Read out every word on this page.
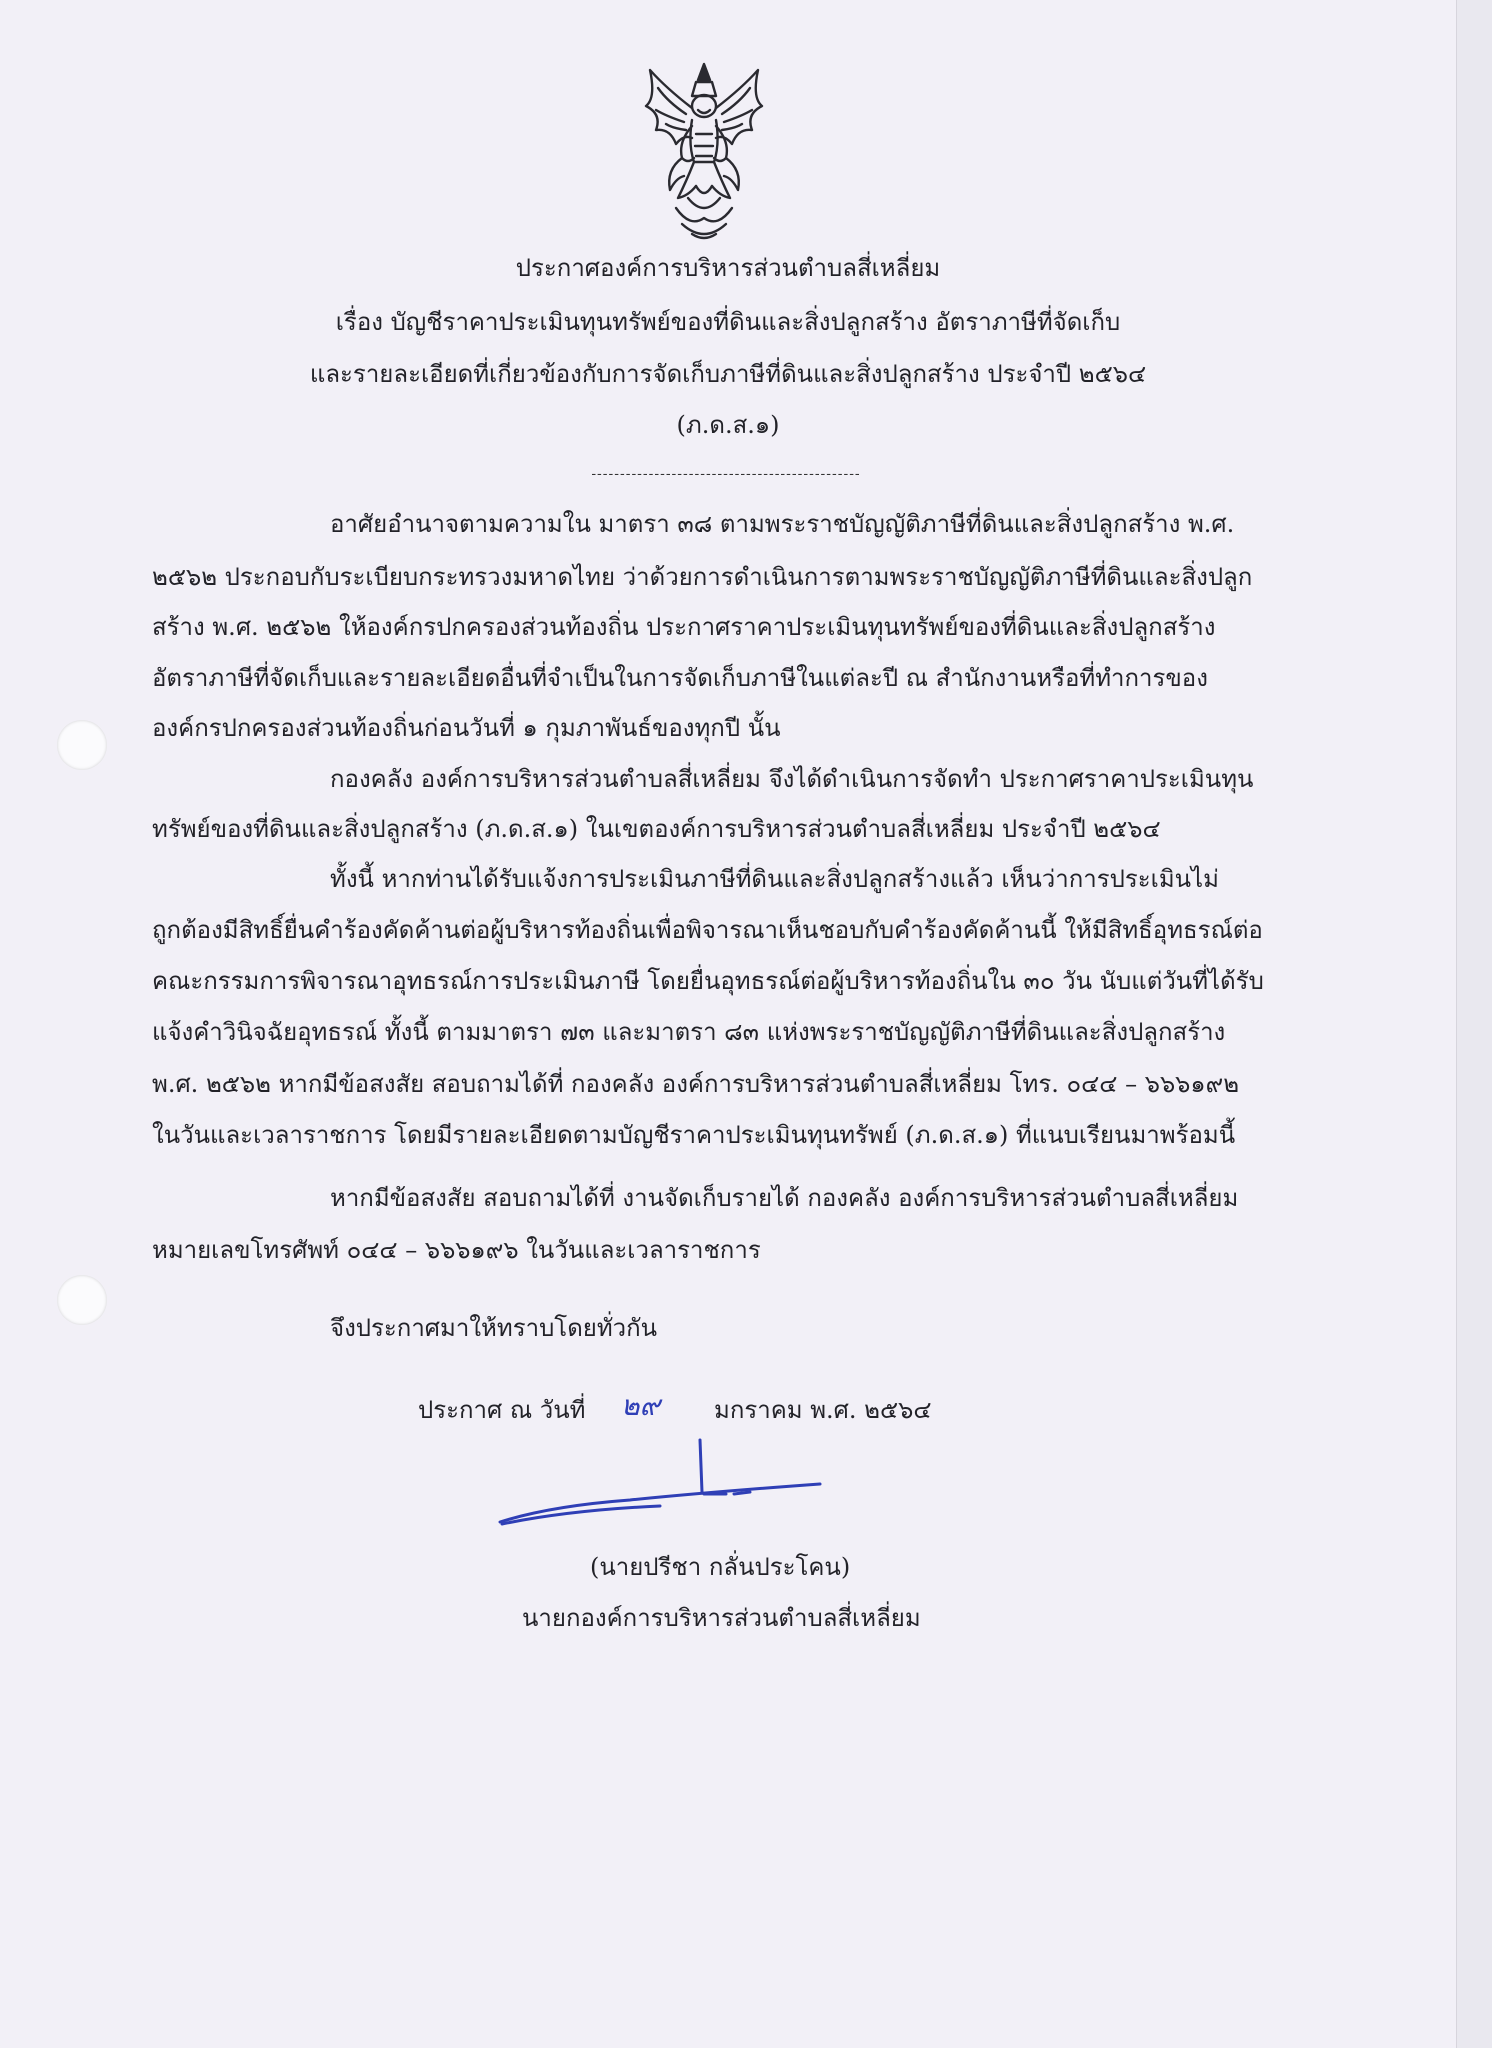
ประกาศองค์การบริหารส่วนตำบลสี่เหลี่ยม
เรื่อง บัญชีราคาประเมินทุนทรัพย์ของที่ดินและสิ่งปลูกสร้าง อัตราภาษีที่จัดเก็บ
และรายละเอียดที่เกี่ยวข้องกับการจัดเก็บภาษีที่ดินและสิ่งปลูกสร้าง ประจำปี ๒๕๖๔
(ภ.ด.ส.๑)
-----------------------------------------------
อาศัยอำนาจตามความใน มาตรา ๓๘ ตามพระราชบัญญัติภาษีที่ดินและสิ่งปลูกสร้าง พ.ศ.
๒๕๖๒ ประกอบกับระเบียบกระทรวงมหาดไทย ว่าด้วยการดำเนินการตามพระราชบัญญัติภาษีที่ดินและสิ่งปลูก
สร้าง พ.ศ. ๒๕๖๒ ให้องค์กรปกครองส่วนท้องถิ่น ประกาศราคาประเมินทุนทรัพย์ของที่ดินและสิ่งปลูกสร้าง
อัตราภาษีที่จัดเก็บและรายละเอียดอื่นที่จำเป็นในการจัดเก็บภาษีในแต่ละปี ณ สำนักงานหรือที่ทำการของ
องค์กรปกครองส่วนท้องถิ่นก่อนวันที่ ๑ กุมภาพันธ์ของทุกปี นั้น
กองคลัง องค์การบริหารส่วนตำบลสี่เหลี่ยม จึงได้ดำเนินการจัดทำ ประกาศราคาประเมินทุน
ทรัพย์ของที่ดินและสิ่งปลูกสร้าง (ภ.ด.ส.๑) ในเขตองค์การบริหารส่วนตำบลสี่เหลี่ยม ประจำปี ๒๕๖๔
ทั้งนี้ หากท่านได้รับแจ้งการประเมินภาษีที่ดินและสิ่งปลูกสร้างแล้ว เห็นว่าการประเมินไม่
ถูกต้องมีสิทธิ์ยื่นคำร้องคัดค้านต่อผู้บริหารท้องถิ่นเพื่อพิจารณาเห็นชอบกับคำร้องคัดค้านนี้ ให้มีสิทธิ์อุทธรณ์ต่อ
คณะกรรมการพิจารณาอุทธรณ์การประเมินภาษี โดยยื่นอุทธรณ์ต่อผู้บริหารท้องถิ่นใน ๓๐ วัน นับแต่วันที่ได้รับ
แจ้งคำวินิจฉัยอุทธรณ์ ทั้งนี้ ตามมาตรา ๗๓ และมาตรา ๘๓ แห่งพระราชบัญญัติภาษีที่ดินและสิ่งปลูกสร้าง
พ.ศ. ๒๕๖๒ หากมีข้อสงสัย สอบถามได้ที่ กองคลัง องค์การบริหารส่วนตำบลสี่เหลี่ยม โทร. ๐๔๔ – ๖๖๖๑๙๒
ในวันและเวลาราชการ โดยมีรายละเอียดตามบัญชีราคาประเมินทุนทรัพย์ (ภ.ด.ส.๑) ที่แนบเรียนมาพร้อมนี้
หากมีข้อสงสัย สอบถามได้ที่ งานจัดเก็บรายได้ กองคลัง องค์การบริหารส่วนตำบลสี่เหลี่ยม
หมายเลขโทรศัพท์ ๐๔๔ – ๖๖๖๑๙๖ ในวันและเวลาราชการ
จึงประกาศมาให้ทราบโดยทั่วกัน
ประกาศ ณ วันที่ ๒๙ มกราคม พ.ศ. ๒๕๖๔
(นายปรีชา กลั่นประโคน)
นายกองค์การบริหารส่วนตำบลสี่เหลี่ยม
